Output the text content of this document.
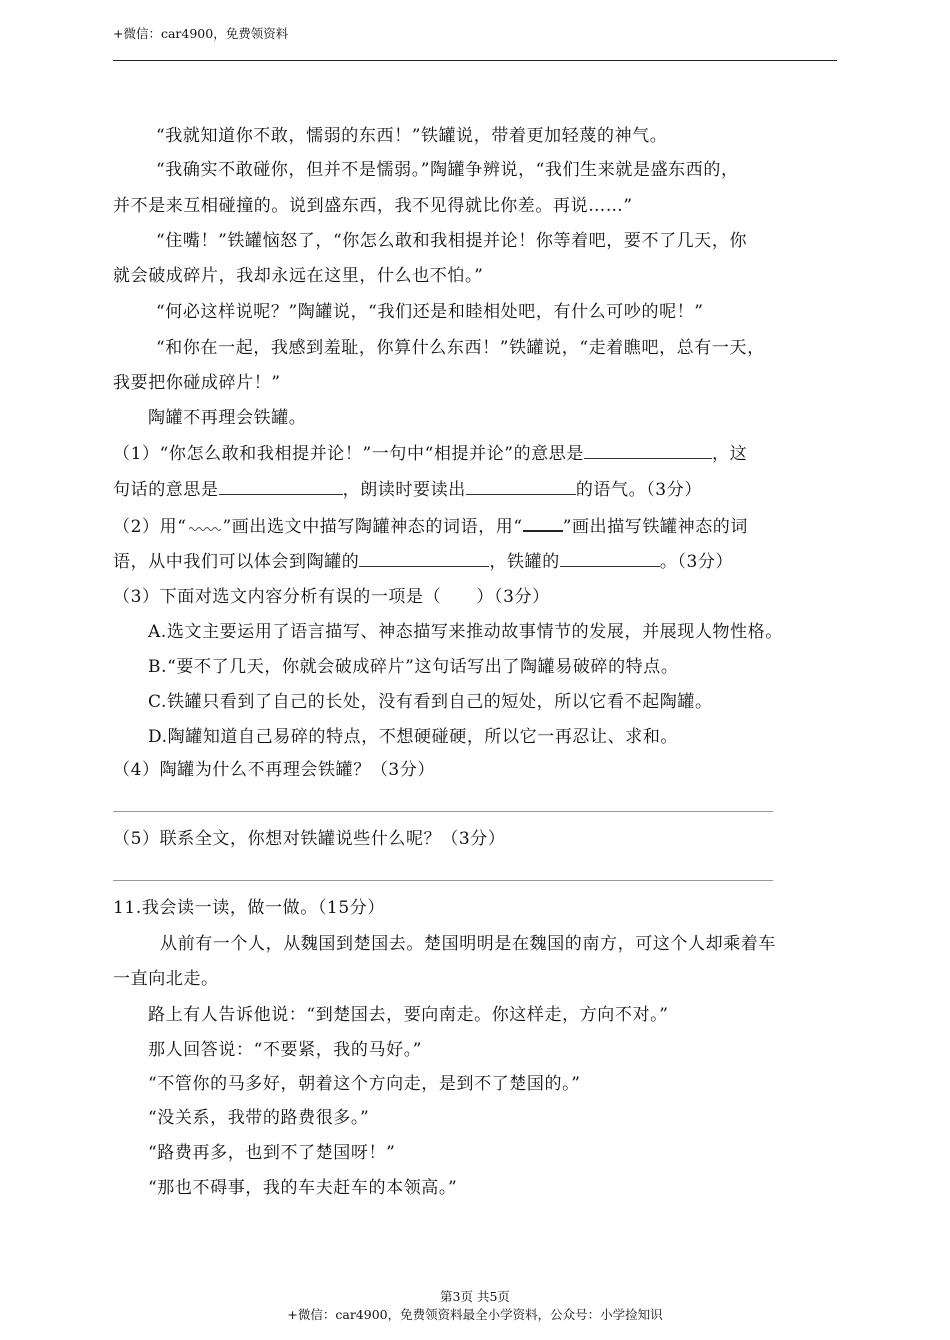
+微信：car4900，免费领资料
“我就知道你不敢，懦弱的东西！”铁罐说，带着更加轻蔑的神气。
“我确实不敢碰你，但并不是懦弱。”陶罐争辨说，“我们生来就是盛东西的，
并不是来互相碰撞的。说到盛东西，我不见得就比你差。再说……”
“住嘴！”铁罐恼怒了，“你怎么敢和我相提并论！你等着吧，要不了几天，你
就会破成碎片，我却永远在这里，什么也不怕。”
“何必这样说呢？”陶罐说，“我们还是和睦相处吧，有什么可吵的呢！”
“和你在一起，我感到羞耻，你算什么东西！”铁罐说，“走着瞧吧，总有一天，
我要把你碰成碎片！”
陶罐不再理会铁罐。
（1）“你怎么敢和我相提并论！”一句中“相提并论”的意思是	，这
句话的意思是	，朗读时要读出	的语气。（3分）
（2）用“ ”画出选文中描写陶罐神态的词语，用“ ”画出描写铁罐神态的词
语，从中我们可以体会到陶罐的	，铁罐的	。（3分）
（3）下面对选文内容分析有误的一项是（　　）（3分）
A.选文主要运用了语言描写、神态描写来推动故事情节的发展，并展现人物性格。
B.“要不了几天，你就会破成碎片”这句话写出了陶罐易破碎的特点。
C.铁罐只看到了自己的长处，没有看到自己的短处，所以它看不起陶罐。
D.陶罐知道自己易碎的特点，不想硬碰硬，所以它一再忍让、求和。
（4）陶罐为什么不再理会铁罐？（3分）
（5）联系全文，你想对铁罐说些什么呢？（3分）
11.我会读一读，做一做。（15分）
从前有一个人，从魏国到楚国去。楚国明明是在魏国的南方，可这个人却乘着车
一直向北走。
路上有人告诉他说：“到楚国去，要向南走。你这样走，方向不对。”
那人回答说：“不要紧，我的马好。”
“不管你的马多好，朝着这个方向走，是到不了楚国的。”
“没关系，我带的路费很多。”
“路费再多，也到不了楚国呀！”
“那也不碍事，我的车夫赶车的本领高。”
第3页 共5页
+微信：car4900，免费领资料最全小学资料，公众号：小学捡知识
